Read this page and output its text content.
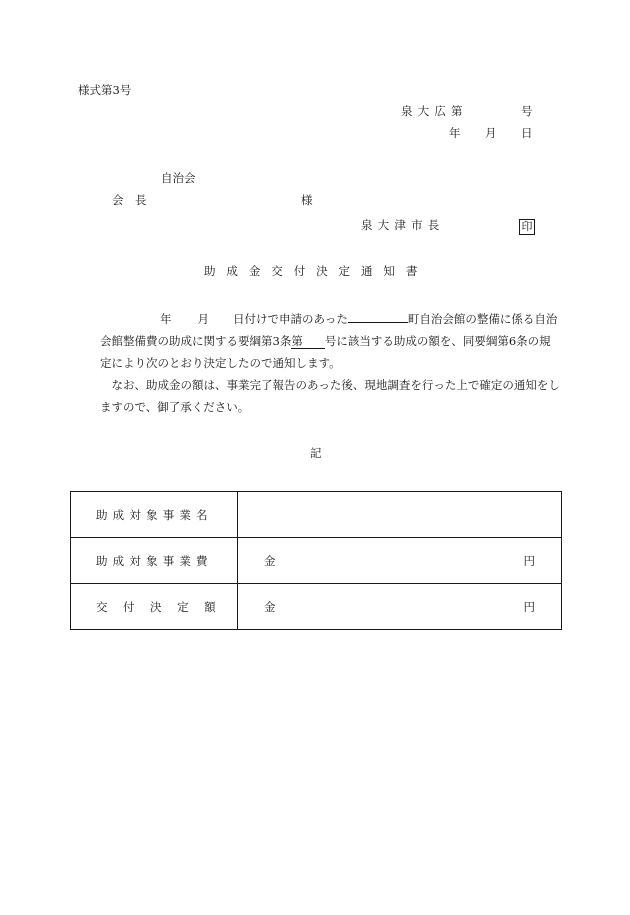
様式第3号
泉大広第	号
年 月 日
自治会
会　長	様
泉大津市長	印
助成金交付決定通知書

年 月 日付けで申請のあった	町自治会館の整備に係る自治会館整備費の助成に関する要綱第3条第 号に該当する助成の額を、同要綱第6条の規定により次のとおり決定したので通知します。

なお、助成金の額は、事業完了報告のあった後、現地調査を行った上で確定の通知をしますので、御了承ください。

記
助成対象事業名	
助成対象事業費	金 円

交付決定額	金 円
